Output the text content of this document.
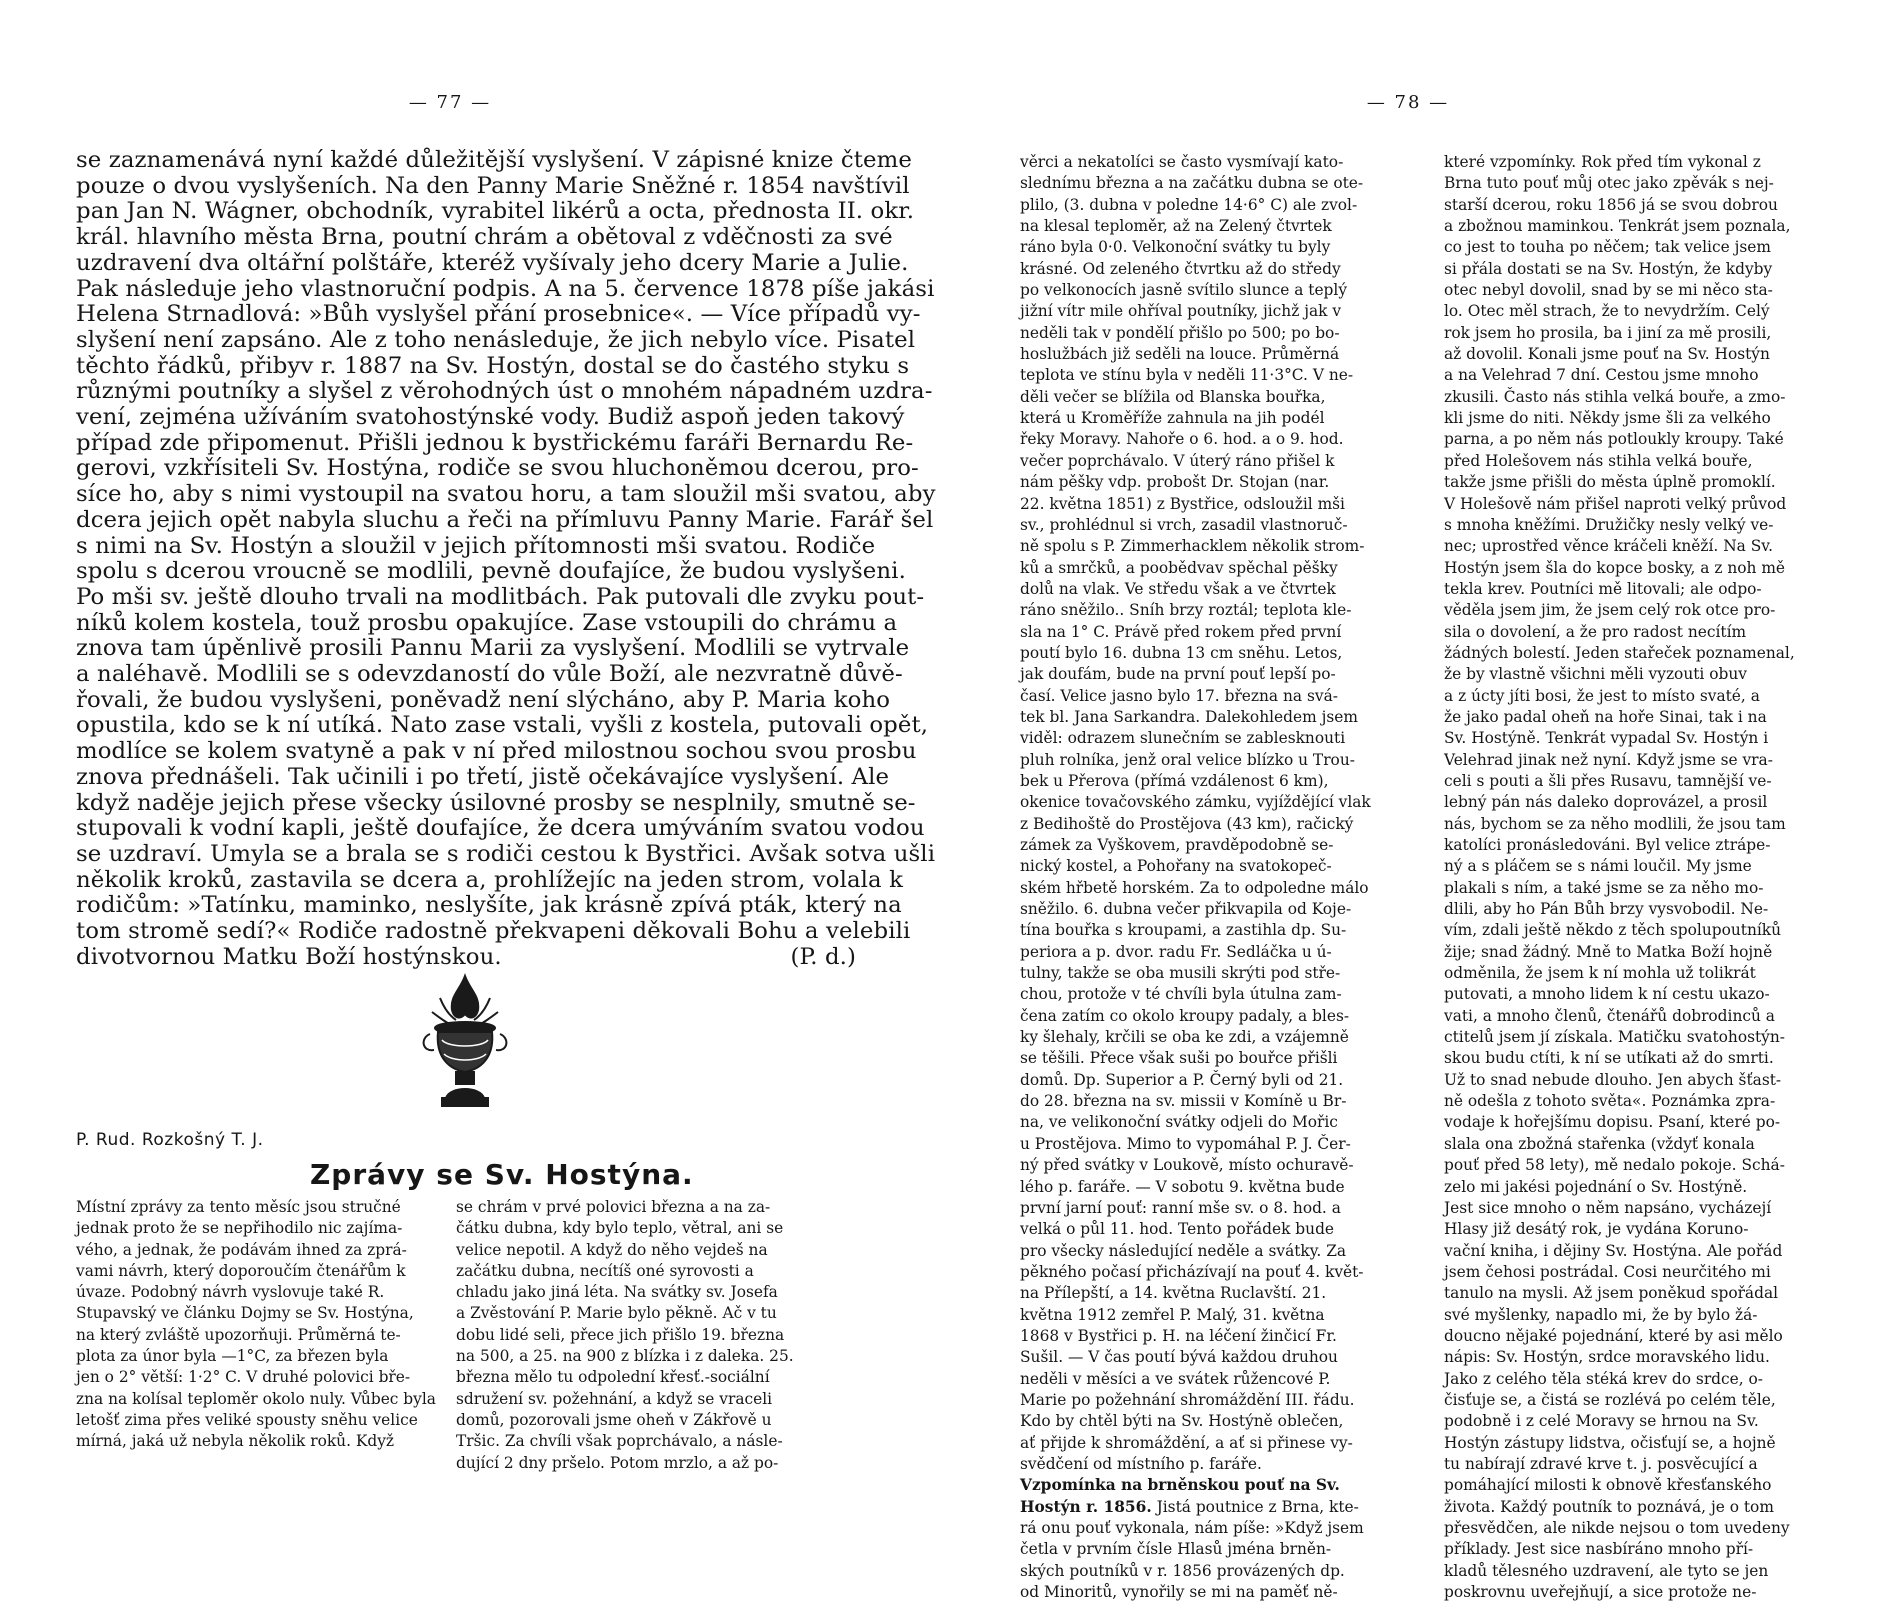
— 77 —
se zaznamenává nyní každé důležitější vyslyšení. V zápisné knize čteme
pouze o dvou vyslyšeních. Na den Panny Marie Sněžné r. 1854 navštívil
pan Jan N. Wágner, obchodník, vyrabitel likérů a octa, přednosta II. okr.
král. hlavního města Brna, poutní chrám a obětoval z vděčnosti za své
uzdravení dva oltářní polštáře, kteréž vyšívaly jeho dcery Marie a Julie.
Pak následuje jeho vlastnoruční podpis. A na 5. července 1878 píše jakási
Helena Strnadlová: »Bůh vyslyšel přání prosebnice«. — Více případů vy-
slyšení není zapsáno. Ale z toho nenásleduje, že jich nebylo více. Pisatel
těchto řádků, přibyv r. 1887 na Sv. Hostýn, dostal se do častého styku s
různými poutníky a slyšel z věrohodných úst o mnohém nápadném uzdra-
vení, zejména užíváním svatohostýnské vody. Budiž aspoň jeden takový
případ zde připomenut. Přišli jednou k bystřickému faráři Bernardu Re-
gerovi, vzkřísiteli Sv. Hostýna, rodiče se svou hluchoněmou dcerou, pro-
síce ho, aby s nimi vystoupil na svatou horu, a tam sloužil mši svatou, aby
dcera jejich opět nabyla sluchu a řeči na přímluvu Panny Marie. Farář šel
s nimi na Sv. Hostýn a sloužil v jejich přítomnosti mši svatou. Rodiče
spolu s dcerou vroucně se modlili, pevně doufajíce, že budou vyslyšeni.
Po mši sv. ještě dlouho trvali na modlitbách. Pak putovali dle zvyku pout-
níků kolem kostela, touž prosbu opakujíce. Zase vstoupili do chrámu a
znova tam úpěnlivě prosili Pannu Marii za vyslyšení. Modlili se vytrvale
a naléhavě. Modlili se s odevzdaností do vůle Boží, ale nezvratně důvě-
řovali, že budou vyslyšeni, poněvadž není slýcháno, aby P. Maria koho
opustila, kdo se k ní utíká. Nato zase vstali, vyšli z kostela, putovali opět,
modlíce se kolem svatyně a pak v ní před milostnou sochou svou prosbu
znova přednášeli. Tak učinili i po třetí, jistě očekávajíce vyslyšení. Ale
když naděje jejich přese všecky úsilovné prosby se nesplnily, smutně se-
stupovali k vodní kapli, ještě doufajíce, že dcera umýváním svatou vodou
se uzdraví. Umyla se a brala se s rodiči cestou k Bystřici. Avšak sotva ušli
několik kroků, zastavila se dcera a, prohlížejíc na jeden strom, volala k
rodičům: »Tatínku, maminko, neslyšíte, jak krásně zpívá pták, který na
tom stromě sedí?« Rodiče radostně překvapeni děkovali Bohu a velebili
divotvornou Matku Boží hostýnskou.	(P. d.)
P. Rud. Rozkošný T. J.
Zprávy se Sv. Hostýna.
Místní zprávy za tento měsíc jsou stručné
jednak proto že se nepřihodilo nic zajíma-
vého, a jednak, že podávám ihned za zprá-
vami návrh, který doporoučím čtenářům k
úvaze. Podobný návrh vyslovuje také R.
Stupavský ve článku Dojmy se Sv. Hostýna,
na který zvláště upozorňuji. Průměrná te-
plota za únor byla —1°C, za březen byla
jen o 2° větší: 1·2° C. V druhé polovici bře-
zna na kolísal teploměr okolo nuly. Vůbec byla
letošť zima přes veliké spousty sněhu velice
mírná, jaká už nebyla několik roků. Když
se chrám v prvé polovici března a na za-
čátku dubna, kdy bylo teplo, větral, ani se
velice nepotil. A když do něho vejdeš na
začátku dubna, necítíš oné syrovosti a
chladu jako jiná léta. Na svátky sv. Josefa
a Zvěstování P. Marie bylo pěkně. Ač v tu
dobu lidé seli, přece jich přišlo 19. března
na 500, a 25. na 900 z blízka i z daleka. 25.
března mělo tu odpolední křesť.-sociální
sdružení sv. požehnání, a když se vraceli
domů, pozorovali jsme oheň v Zákřově u
Tršic. Za chvíli však poprchávalo, a násle-
dující 2 dny pršelo. Potom mrzlo, a až po-
— 78 —
věrci a nekatolíci se často vysmívají kato-
slednímu března a na začátku dubna se ote-
plilo, (3. dubna v poledne 14·6° C) ale zvol-
na klesal teploměr, až na Zelený čtvrtek
ráno byla 0·0. Velkonoční svátky tu byly
krásné. Od zeleného čtvrtku až do středy
po velkonocích jasně svítilo slunce a teplý
jižní vítr mile ohříval poutníky, jichž jak v
neděli tak v pondělí přišlo po 500; po bo-
hoslužbách již seděli na louce. Průměrná
teplota ve stínu byla v neděli 11·3°C. V ne-
děli večer se blížila od Blanska bouřka,
která u Kroměříže zahnula na jih podél
řeky Moravy. Nahoře o 6. hod. a o 9. hod.
večer poprchávalo. V úterý ráno přišel k
nám pěšky vdp. probošt Dr. Stojan (nar.
22. května 1851) z Bystřice, odsloužil mši
sv., prohlédnul si vrch, zasadil vlastnoruč-
ně spolu s P. Zimmerhacklem několik strom-
ků a smrčků, a poobědvav spěchal pěšky
dolů na vlak. Ve středu však a ve čtvrtek
ráno sněžilo.. Sníh brzy roztál; teplota kle-
sla na 1° C. Právě před rokem před první
poutí bylo 16. dubna 13 cm sněhu. Letos,
jak doufám, bude na první pouť lepší po-
časí. Velice jasno bylo 17. března na svá-
tek bl. Jana Sarkandra. Dalekohledem jsem
viděl: odrazem slunečním se zablesknouti
pluh rolníka, jenž oral velice blízko u Trou-
bek u Přerova (přímá vzdálenost 6 km),
okenice tovačovského zámku, vyjíždějící vlak
z Bedihoště do Prostějova (43 km), račický
zámek za Vyškovem, pravděpodobně se-
nický kostel, a Pohořany na svatokopeč-
ském hřbetě horském. Za to odpoledne málo
sněžilo. 6. dubna večer přikvapila od Koje-
tína bouřka s kroupami, a zastihla dp. Su-
periora a p. dvor. radu Fr. Sedláčka u ú-
tulny, takže se oba musili skrýti pod stře-
chou, protože v té chvíli byla útulna zam-
čena zatím co okolo kroupy padaly, a bles-
ky šlehaly, krčili se oba ke zdi, a vzájemně
se těšili. Přece však suši po bouřce přišli
domů. Dp. Superior a P. Černý byli od 21.
do 28. března na sv. missii v Komíně u Br-
na, ve velikonoční svátky odjeli do Mořic
u Prostějova. Mimo to vypomáhal P. J. Čer-
ný před svátky v Loukově, místo ochuravě-
lého p. faráře. — V sobotu 9. května bude
první jarní pouť: ranní mše sv. o 8. hod. a
velká o půl 11. hod. Tento pořádek bude
pro všecky následující neděle a svátky. Za
pěkného počasí přicházívají na pouť 4. květ-
na Přílepští, a 14. května Ruclavští. 21.
května 1912 zemřel P. Malý, 31. května
1868 v Bystřici p. H. na léčení žinčicí Fr.
Sušil. — V čas poutí bývá každou druhou
neděli v měsíci a ve svátek růžencové P.
Marie po požehnání shromáždění III. řádu.
Kdo by chtěl býti na Sv. Hostýně oblečen,
ať přijde k shromáždění, a ať si přinese vy-
svědčení od místního p. faráře.
Vzpomínka na brněnskou pouť na Sv.
Hostýn r. 1856. Jistá poutnice z Brna, kte-
rá onu pouť vykonala, nám píše: »Když jsem
četla v prvním čísle Hlasů jména brněn-
ských poutníků v r. 1856 provázených dp.
od Minoritů, vynořily se mi na paměť ně-
které vzpomínky. Rok před tím vykonal z
Brna tuto pouť můj otec jako zpěvák s nej-
starší dcerou, roku 1856 já se svou dobrou
a zbožnou maminkou. Tenkrát jsem poznala,
co jest to touha po něčem; tak velice jsem
si přála dostati se na Sv. Hostýn, že kdyby
otec nebyl dovolil, snad by se mi něco sta-
lo. Otec měl strach, že to nevydržím. Celý
rok jsem ho prosila, ba i jiní za mě prosili,
až dovolil. Konali jsme pouť na Sv. Hostýn
a na Velehrad 7 dní. Cestou jsme mnoho
zkusili. Často nás stihla velká bouře, a zmo-
kli jsme do niti. Někdy jsme šli za velkého
parna, a po něm nás potloukly kroupy. Také
před Holešovem nás stihla velká bouře,
takže jsme přišli do města úplně promoklí.
V Holešově nám přišel naproti velký průvod
s mnoha kněžími. Družičky nesly velký ve-
nec; uprostřed věnce kráčeli kněží. Na Sv.
Hostýn jsem šla do kopce bosky, a z noh mě
tekla krev. Poutníci mě litovali; ale odpo-
věděla jsem jim, že jsem celý rok otce pro-
sila o dovolení, a že pro radost necítím
žádných bolestí. Jeden stařeček poznamenal,
že by vlastně všichni měli vyzouti obuv
a z úcty jíti bosi, že jest to místo svaté, a
že jako padal oheň na hoře Sinai, tak i na
Sv. Hostýně. Tenkrát vypadal Sv. Hostýn i
Velehrad jinak než nyní. Když jsme se vra-
celi s pouti a šli přes Rusavu, tamnější ve-
lebný pán nás daleko doprovázel, a prosil
nás, bychom se za něho modlili, že jsou tam
katolíci pronásledováni. Byl velice ztrápe-
ný a s pláčem se s námi loučil. My jsme
plakali s ním, a také jsme se za něho mo-
dlili, aby ho Pán Bůh brzy vysvobodil. Ne-
vím, zdali ještě někdo z těch spolupoutníků
žije; snad žádný. Mně to Matka Boží hojně
odměnila, že jsem k ní mohla už tolikrát
putovati, a mnoho lidem k ní cestu ukazo-
vati, a mnoho členů, čtenářů dobrodinců a
ctitelů jsem jí získala. Matičku svatohostýn-
skou budu ctíti, k ní se utíkati až do smrti.
Už to snad nebude dlouho. Jen abych šťast-
ně odešla z tohoto světa«. Poznámka zpra-
vodaje k hořejšímu dopisu. Psaní, které po-
slala ona zbožná stařenka (vždyť konala
pouť před 58 lety), mě nedalo pokoje. Schá-
zelo mi jakési pojednání o Sv. Hostýně.
Jest sice mnoho o něm napsáno, vycházejí
Hlasy již desátý rok, je vydána Korunο-
vační kniha, i dějiny Sv. Hostýna. Ale pořád
jsem čehosi postrádal. Cosi neurčitého mi
tanulo na mysli. Až jsem poněkud spořádal
své myšlenky, napadlo mi, že by bylo žá-
doucno nějaké pojednání, které by asi mělo
nápis: Sv. Hostýn, srdce moravského lidu.
Jako z celého těla stéká krev do srdce, o-
čisťuje se, a čistá se rozlévá po celém těle,
podobně i z celé Moravy se hrnou na Sv.
Hostýn zástupy lidstva, očisťují se, a hojně
tu nabírají zdravé krve t. j. posvěcující a
pomáhající milosti k obnově křesťanského
života. Každý poutník to poznává, je o tom
přesvědčen, ale nikde nejsou o tom uvedeny
příklady. Jest sice nasbíráno mnoho pří-
kladů tělesného uzdravení, ale tyto se jen
poskrovnu uveřejňují, a sice protože ne-
